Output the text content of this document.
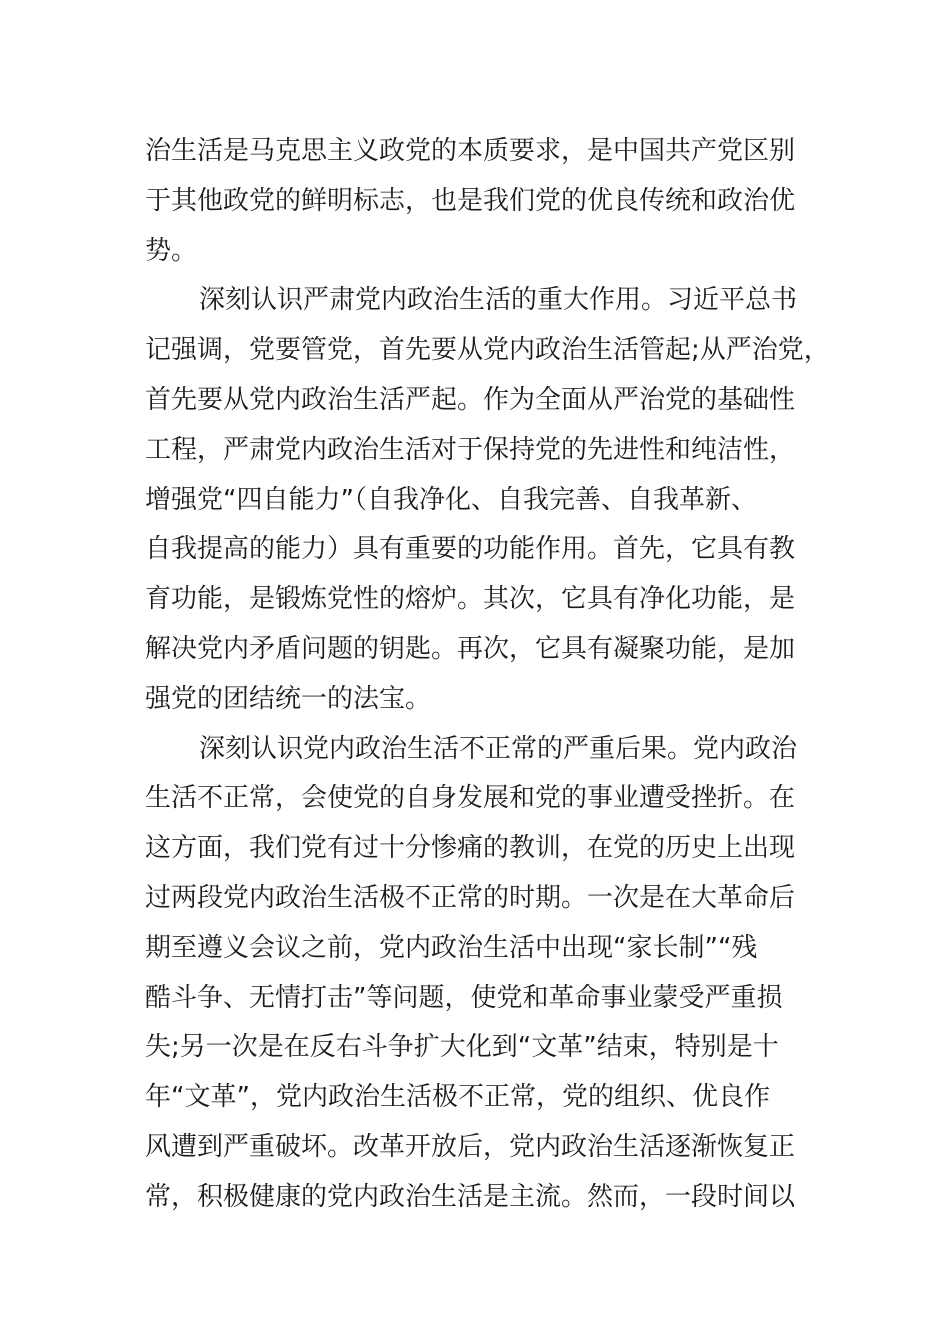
治生活是马克思主义政党的本质要求，是中国共产党区别
于其他政党的鲜明标志，也是我们党的优良传统和政治优
势。
深刻认识严肃党内政治生活的重大作用。习近平总书
记强调，党要管党，首先要从党内政治生活管起;从严治党，
首先要从党内政治生活严起。作为全面从严治党的基础性
工程，严肃党内政治生活对于保持党的先进性和纯洁性，
增强党“四自能力”（自我净化、自我完善、自我革新、
自我提高的能力）具有重要的功能作用。首先，它具有教
育功能，是锻炼党性的熔炉。其次，它具有净化功能，是
解决党内矛盾问题的钥匙。再次，它具有凝聚功能，是加
强党的团结统一的法宝。
深刻认识党内政治生活不正常的严重后果。党内政治
生活不正常，会使党的自身发展和党的事业遭受挫折。在
这方面，我们党有过十分惨痛的教训，在党的历史上出现
过两段党内政治生活极不正常的时期。一次是在大革命后
期至遵义会议之前，党内政治生活中出现“家长制”“残
酷斗争、无情打击”等问题，使党和革命事业蒙受严重损
失;另一次是在反右斗争扩大化到“文革”结束，特别是十
年“文革”，党内政治生活极不正常，党的组织、优良作
风遭到严重破坏。改革开放后，党内政治生活逐渐恢复正
常，积极健康的党内政治生活是主流。然而，一段时间以
